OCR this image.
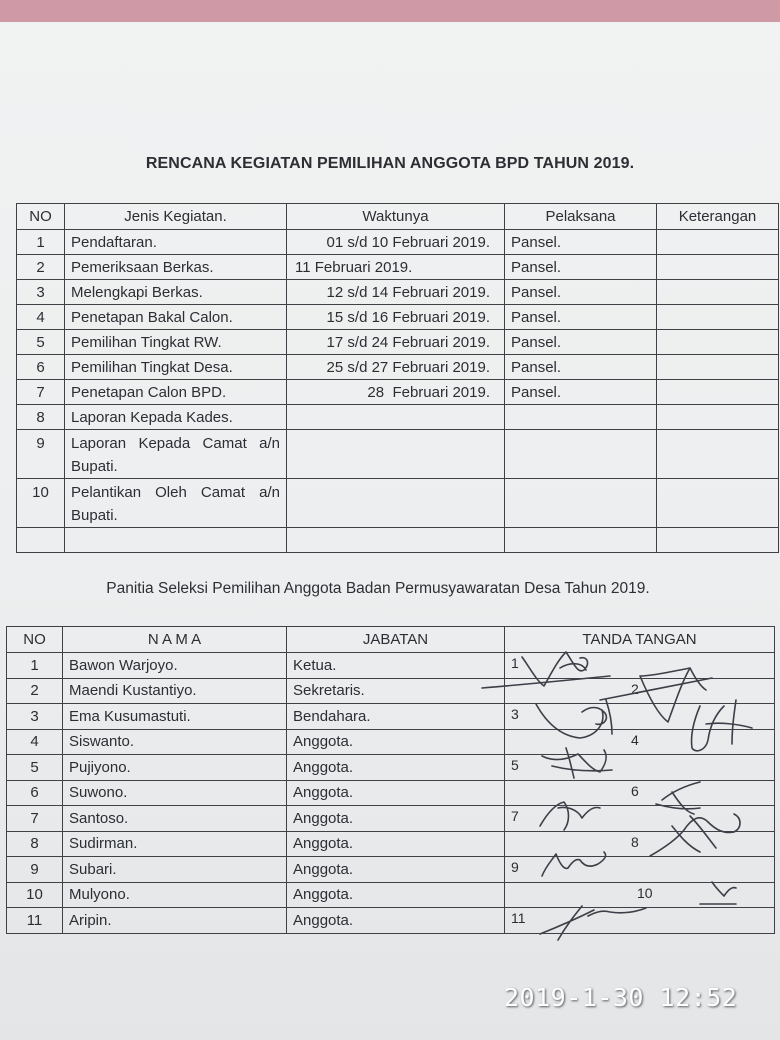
RENCANA KEGIATAN PEMILIHAN ANGGOTA BPD TAHUN 2019.
NO	Jenis Kegiatan.	Waktunya	Pelaksana	Keterangan
1	Pendaftaran.	01 s/d 10 Februari 2019.	Pansel.	
2	Pemeriksaan Berkas.	11 Februari 2019.	Pansel.	
3	Melengkapi Berkas.	12 s/d 14 Februari 2019.	Pansel.	
4	Penetapan Bakal Calon.	15 s/d 16 Februari 2019.	Pansel.	
5	Pemilihan Tingkat RW.	17 s/d 24 Februari 2019.	Pansel.	
6	Pemilihan Tingkat Desa.	25 s/d 27 Februari 2019.	Pansel.	
7	Penetapan Calon BPD.	28  Februari 2019.	Pansel.	
8	Laporan Kepada Kades.			
9	Laporan Kepada Camat a/n Bupati.			
10	Pelantikan Oleh Camat a/n Bupati.			

Panitia Seleksi Pemilihan Anggota Badan Permusyawaratan Desa Tahun 2019.
NO	N A M A	JABATAN	TANDA TANGAN
1	Bawon Warjoyo.	Ketua.	1

2	Maendi Kustantiyo.	Sekretaris.	2

3	Ema Kusumastuti.	Bendahara.	3

4	Siswanto.	Anggota.	4

5	Pujiyono.	Anggota.	5

6	Suwono.	Anggota.	6

7	Santoso.	Anggota.	7

8	Sudirman.	Anggota.	8

9	Subari.	Anggota.	9

10	Mulyono.	Anggota.	10

11	Aripin.	Anggota.	11
2019-1-30 12:52
